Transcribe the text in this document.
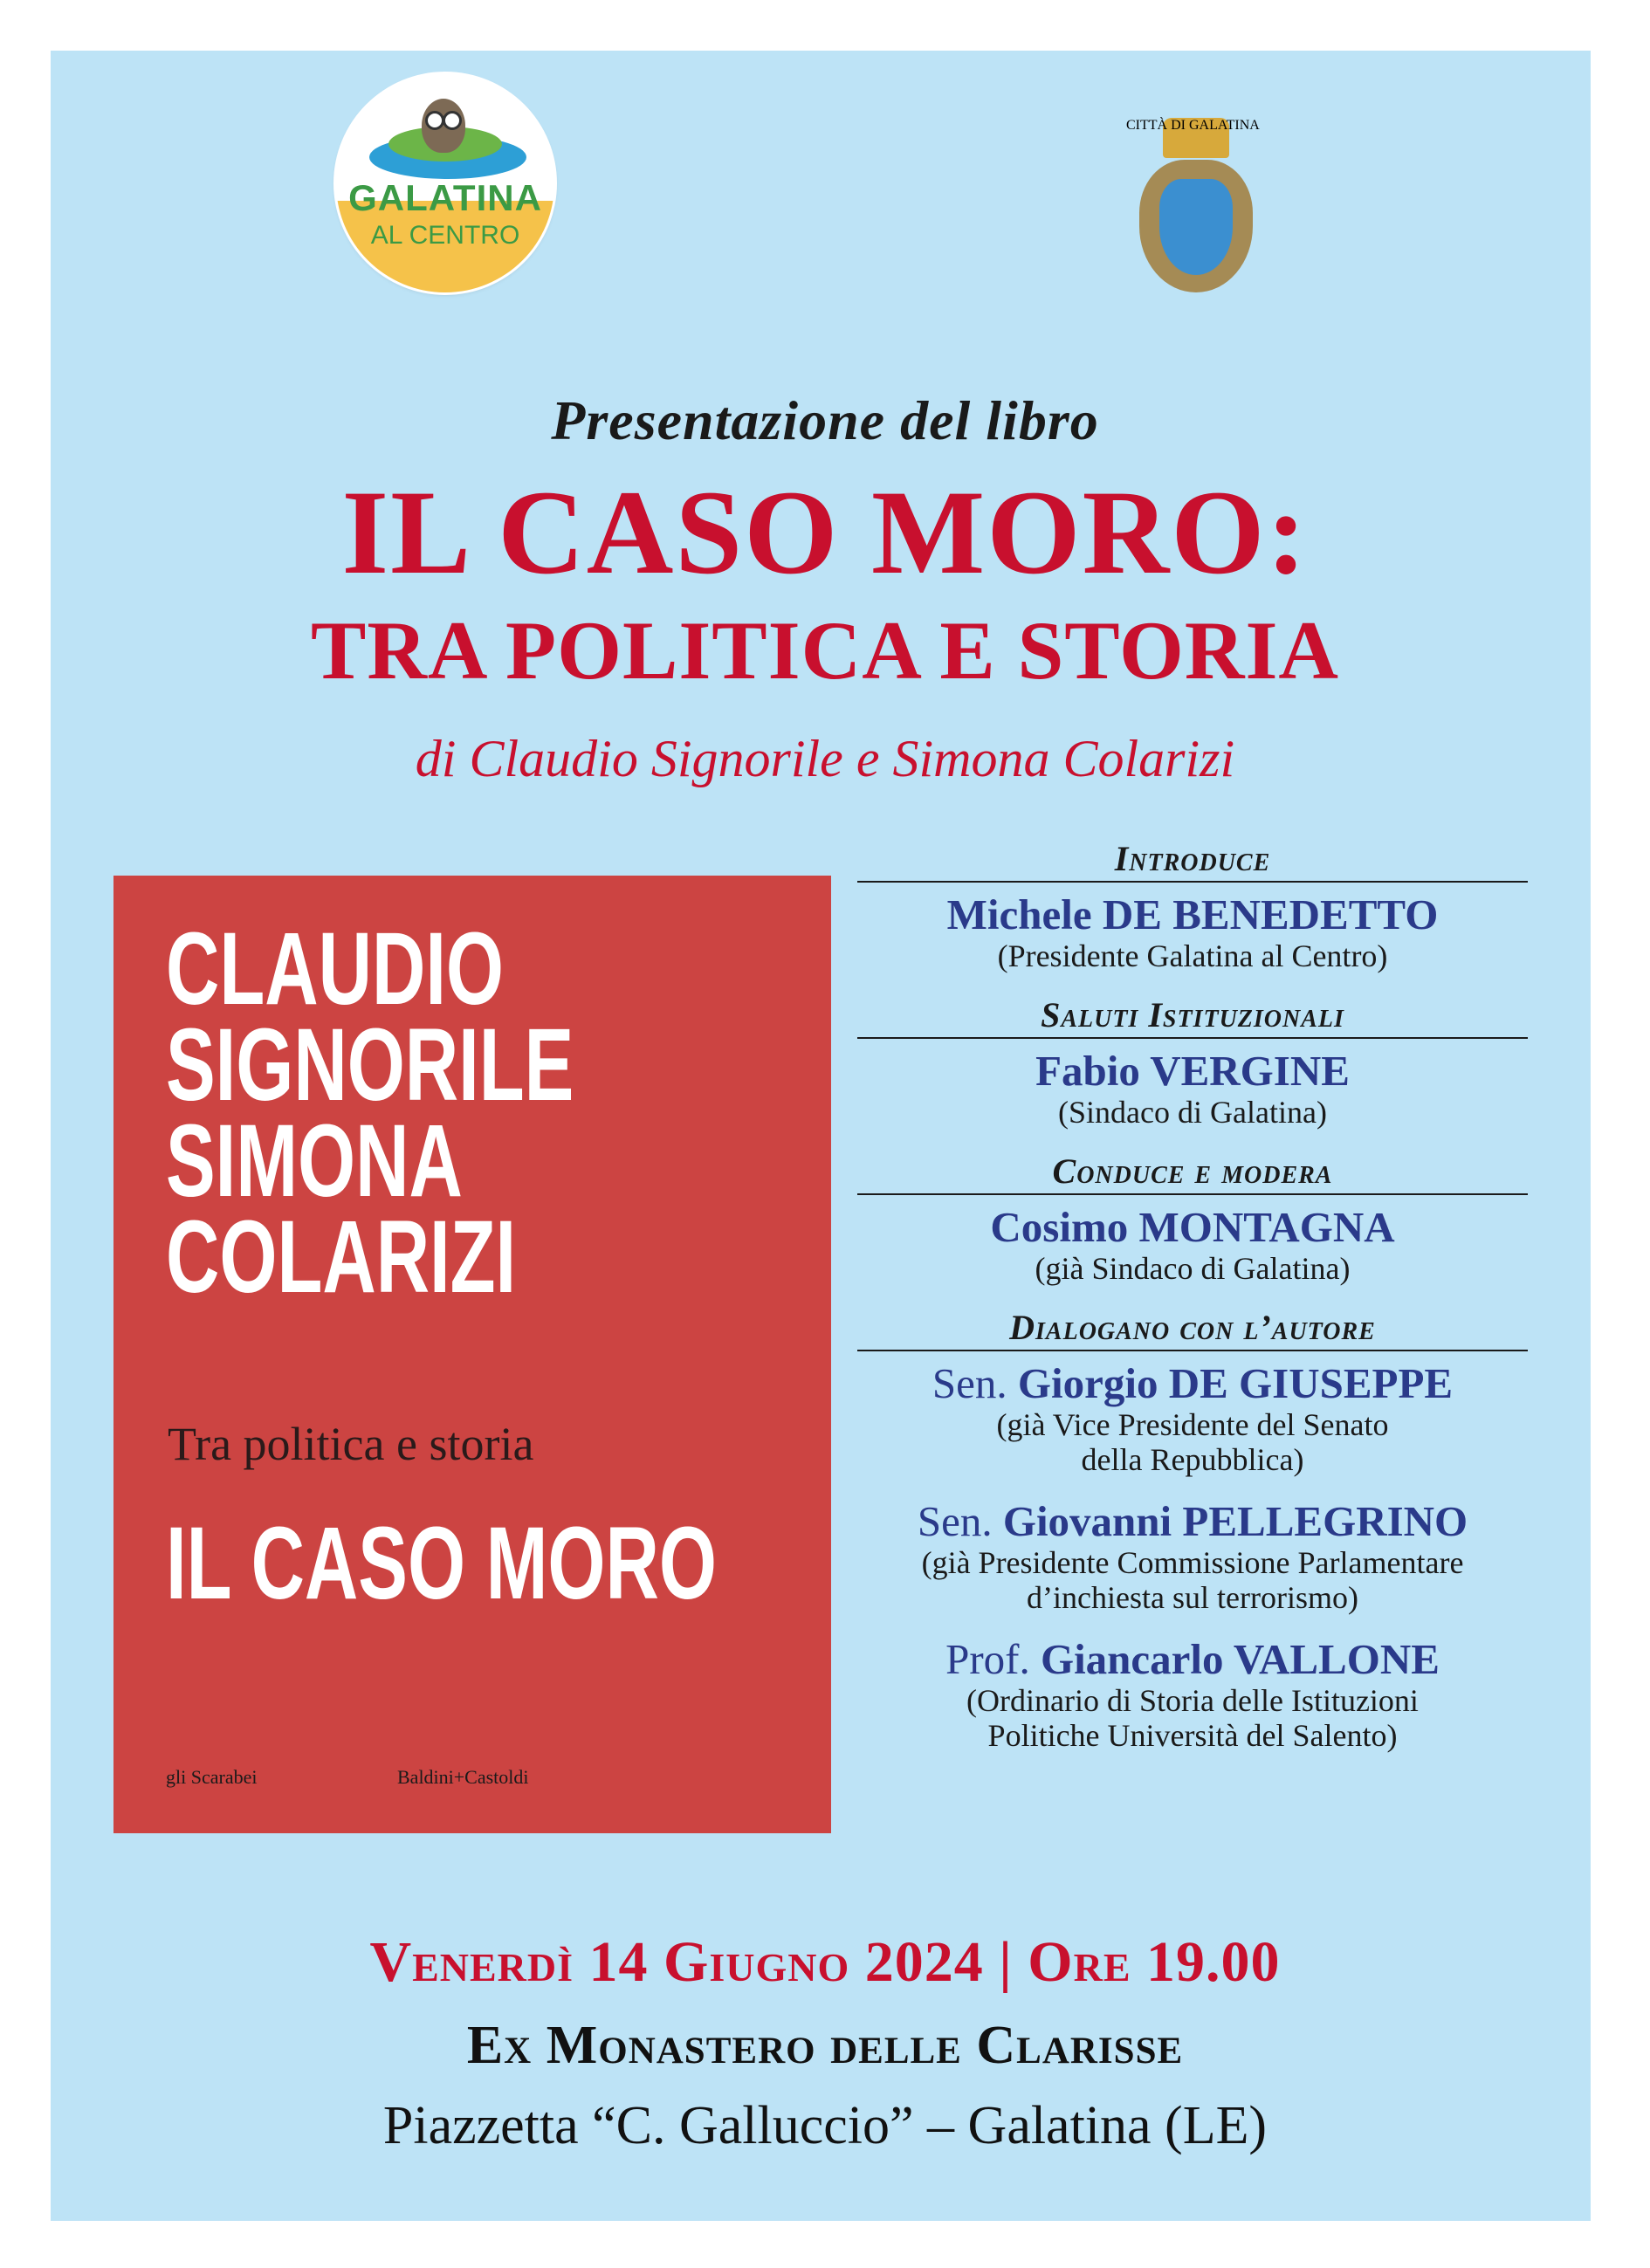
GALATINA
AL CENTRO
CITTÀ DI GALATINA
Presentazione del libro
IL CASO MORO:
TRA POLITICA E STORIA
di Claudio Signorile e Simona Colarizi
CLAUDIO
SIGNORILE
SIMONA
COLARIZI
Tra politica e storia
IL CASO MORO
gli Scarabei	Baldini+Castoldi
Introduce
Michele DE BENEDETTO
(Presidente Galatina al Centro)
Saluti Istituzionali
Fabio VERGINE
(Sindaco di Galatina)
Conduce e modera
Cosimo MONTAGNA
(già Sindaco di Galatina)
Dialogano con l’autore
Sen. Giorgio DE GIUSEPPE
(già Vice Presidente del Senato
della Repubblica)
Sen. Giovanni PELLEGRINO
(già Presidente Commissione Parlamentare
d’inchiesta sul terrorismo)
Prof. Giancarlo VALLONE
(Ordinario di Storia delle Istituzioni
Politiche Università del Salento)
Venerdì 14 Giugno 2024 | Ore 19.00
Ex Monastero delle Clarisse
Piazzetta “C. Galluccio” – Galatina (LE)
